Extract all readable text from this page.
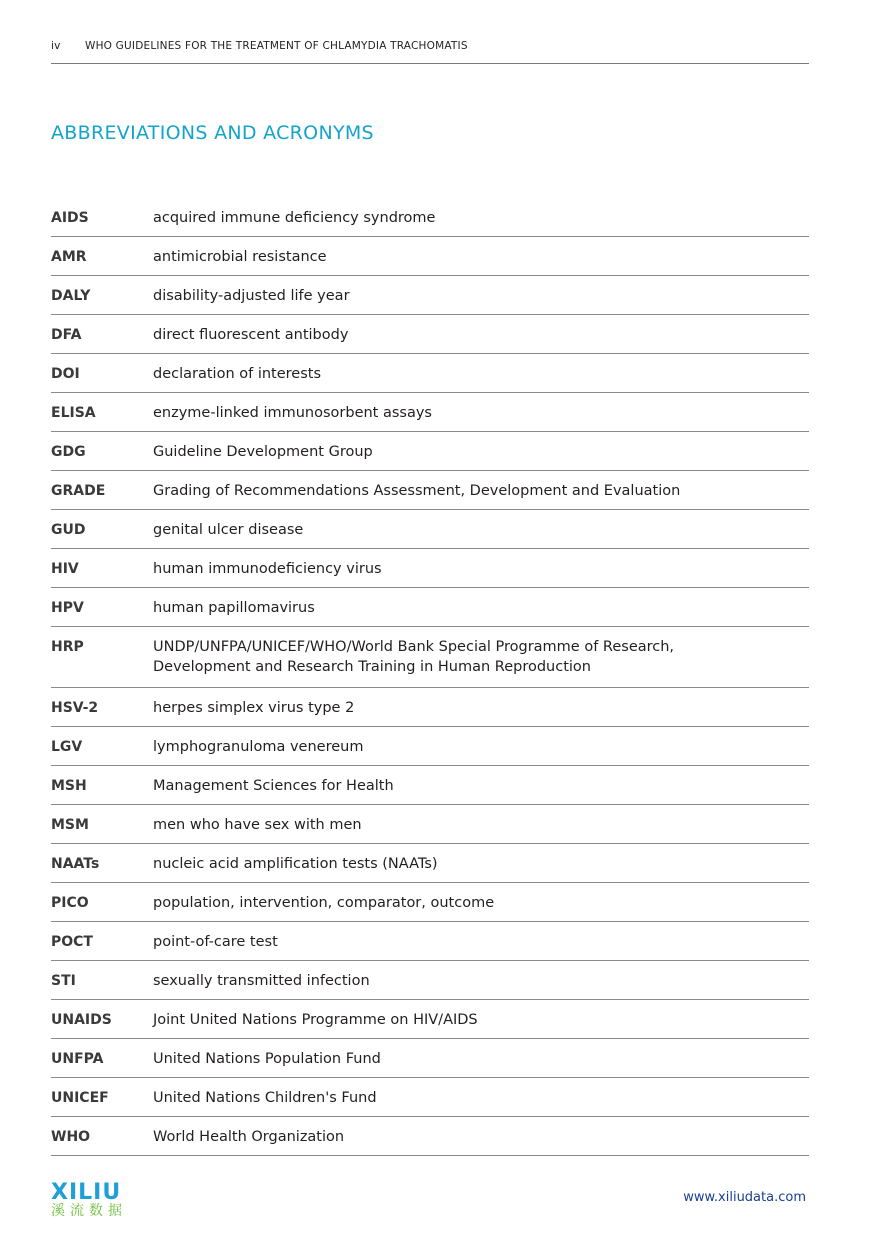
iv WHO GUIDELINES FOR THE TREATMENT OF CHLAMYDIA TRACHOMATIS
ABBREVIATIONS AND ACRONYMS
AIDS	acquired immune deficiency syndrome
AMR	antimicrobial resistance
DALY	disability-adjusted life year
DFA	direct fluorescent antibody
DOI	declaration of interests
ELISA	enzyme-linked immunosorbent assays
GDG	Guideline Development Group
GRADE	Grading of Recommendations Assessment, Development and Evaluation
GUD	genital ulcer disease
HIV	human immunodeficiency virus
HPV	human papillomavirus
HRP	UNDP/UNFPA/UNICEF/WHO/World Bank Special Programme of Research,
Development and Research Training in Human Reproduction
HSV-2	herpes simplex virus type 2
LGV	lymphogranuloma venereum
MSH	Management Sciences for Health
MSM	men who have sex with men
NAATs	nucleic acid amplification tests (NAATs)
PICO	population, intervention, comparator, outcome
POCT	point-of-care test
STI	sexually transmitted infection
UNAIDS	Joint United Nations Programme on HIV/AIDS
UNFPA	United Nations Population Fund
UNICEF	United Nations Children's Fund
WHO	World Health Organization
XILIU
溪流数据
www.xiliudata.com
